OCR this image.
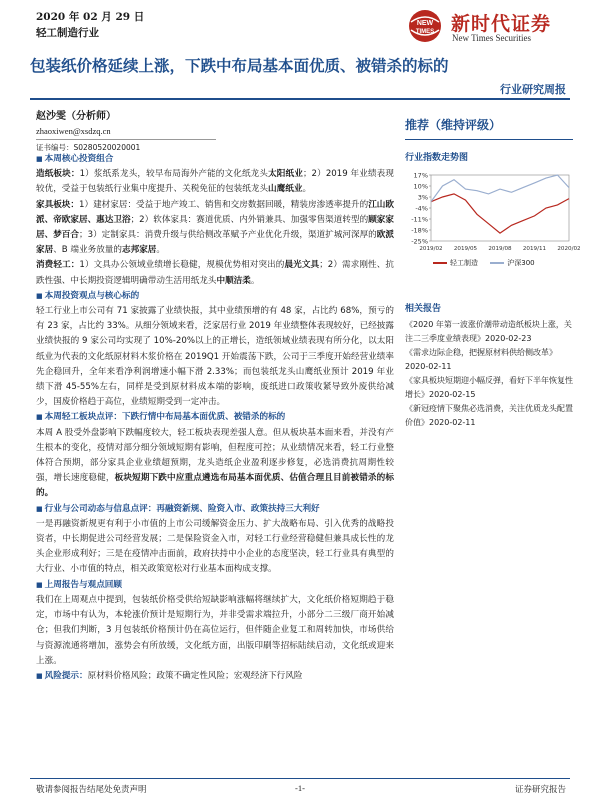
2020 年 02 月 29 日
轻工制造行业
NEW
TIMES 新时代证券
New Times Securities
包装纸价格延续上涨，下跌中布局基本面优质、被错杀的标的
行业研究周报
赵沙雯（分析师）
zhaoxiwen@xsdzq.cn
证书编号：S0280520020001
■ 本周核心投资组合
造纸板块：1）浆纸系龙头，较早布局海外产能的文化纸龙头太阳纸业；2）2019 年业绩表现较优，受益于包装纸行业集中度提升、关税免征的包装纸龙头山鹰纸业。
家具板块：1）建材家居：受益于地产竣工、销售和交房数据回暖，精装房渗透率提升的江山欧派、帝欧家居、惠达卫浴；2）软体家具：赛道优质、内外销兼具、加强零售渠道转型的顾家家居、梦百合；3）定制家具：消费升级与供给侧改革赋予产业优化升级，渠道扩城河深厚的欧派家居、B 端业务放量的志邦家居。
消费轻工：1）文具办公领域业绩增长稳健，规模优势相对突出的晨光文具；2）需求刚性、抗跌性强、中长期投资逻辑明确带动生活用纸龙头中顺洁柔。
■ 本周投资观点与核心标的
轻工行业上市公司有 71 家披露了业绩快报，其中业绩预增的有 48 家，占比约 68%，预亏的有 23 家，占比约 33%。从细分领域来看，泛家居行业 2019 年业绩整体表现较好，已经披露业绩快报的 9 家公司均实现了 10%-20%以上的正增长，造纸领域业绩表现有所分化，以太阳纸业为代表的文化纸原材料木浆价格在 2019Q1 开始震荡下跌，公司于三季度开始经营业绩率先企稳回升，全年来看净利润增速小幅下滑 2.33%；而包装纸龙头山鹰纸业预计 2019 年业绩下滑 45-55%左右，同样是受到原材料成本端的影响，废纸进口政策收紧导致外废供给减少，国废价格趋于高位，业绩短期受到一定冲击。
■ 本周轻工板块点评：下跌行情中布局基本面优质、被错杀的标的
本周 A 股受外盘影响下跌幅度较大，轻工板块表现差强人意。但从板块基本面来看，并没有产生根本的变化，疫情对部分细分领域短期有影响，但程度可控；从业绩情况来看，轻工行业整体符合预期，部分家具企业业绩超预期，龙头造纸企业盈利逐步修复，必选消费抗周期性较强，增长速度稳健，板块短期下跌中应重点遴选布局基本面优质、估值合理且目前被错杀的标的。
■ 行业与公司动态与信息点评：再融资新规、险资入市、政策扶持三大利好
一是再融资新规更有利于小市值的上市公司缓解资金压力、扩大战略布局、引入优秀的战略投资者，中长期促进公司经营发展；二是保险资金入市，对轻工行业经营稳健但兼具成长性的龙头企业形成利好；三是在疫情冲击面前，政府扶持中小企业的态度坚决，轻工行业具有典型的大行业、小市值的特点，相关政策宽松对行业基本面构成支撑。
■ 上周报告与观点回顾
我们在上周观点中提到，包装纸价格受供给短缺影响涨幅将继续扩大，文化纸价格短期趋于稳定，市场中有认为，本轮涨价预计是短期行为，并非受需求端拉升，小部分二三级厂商开始减仓；但我们判断，3 月包装纸价格预计仍在高位运行，但伴随企业复工和周转加快，市场供给与资源流通将增加，涨势会有所放缓，文化纸方面，出版印刷等招标陆续启动，文化纸或迎来上涨。
■ 风险提示：原材料价格风险；政策不确定性风险；宏观经济下行风险
推荐（维持评级）
行业指数走势图
17%
10%
3%
-4%
-11%
-18%
-25%
2019/02 2019/05 2019/08 2019/11 2020/02
轻工制造	沪深300
相关报告
《2020 年第一波涨价潮带动造纸板块上涨，关注二三季度业绩表现》2020-02-23
《需求边际企稳，把握原材料供给侧改革》2020-02-11
《家具板块短期迎小幅反弹，看好下半年恢复性增长》2020-02-15
《新冠疫情下聚焦必选消费，关注优质龙头配置价值》2020-02-11
敬请参阅报告结尾处免责声明	-1-	证券研究报告
